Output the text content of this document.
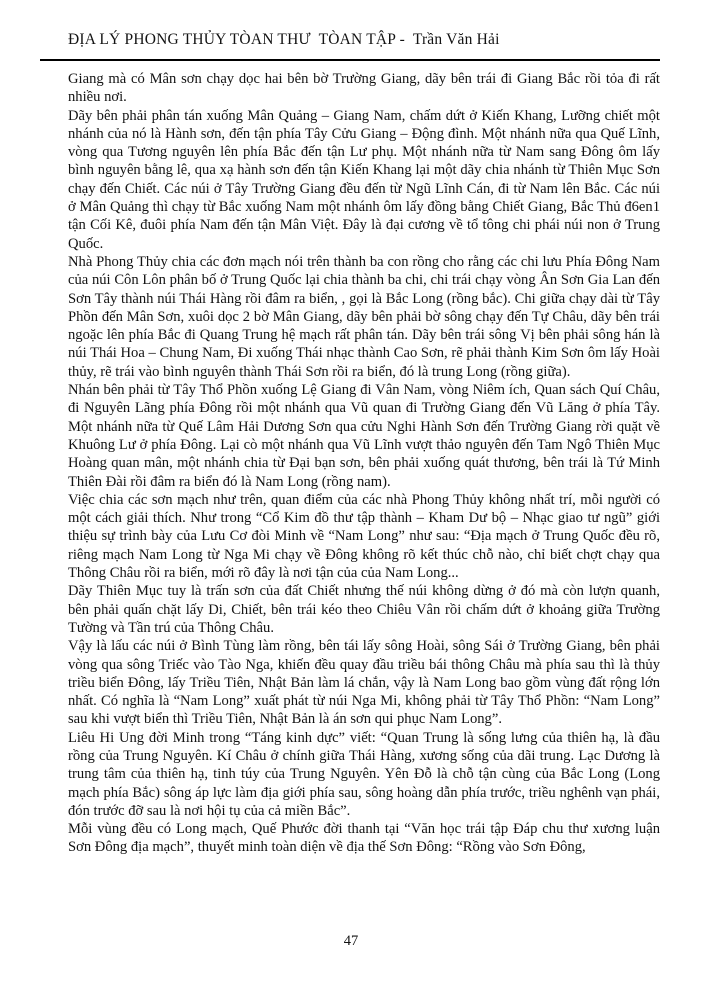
ĐỊA LÝ PHONG THỦY TÒAN THƯ  TÒAN TẬP -  Trần Văn Hải

Giang mà có Mân sơn chạy dọc hai bên bờ Trường Giang, dãy bên trái đi Giang Bắc rồi tỏa đi rất nhiều nơi.

Dãy bên phải phân tán xuống Mân Quảng – Giang Nam, chấm dứt ở Kiến Khang, Lưỡng chiết một nhánh của nó là Hành sơn, đến tận phía Tây Cửu Giang – Động đình. Một nhánh nữa qua Quế Lĩnh, vòng qua Tương nguyên lên phía Bắc đến tận Lư phụ. Một nhánh nữa từ Nam sang Đông ôm lấy bình nguyên bằng lê, qua xạ hành sơn đến tận Kiến Khang lại một dãy chia nhánh từ Thiên Mục Sơn chạy đến Chiết. Các núi ở Tây Trường Giang đều đến từ Ngũ Lĩnh Cán, đi từ Nam lên Bắc. Các núi ở Mân Quảng thì chạy từ Bắc xuống Nam một nhánh ôm lấy đồng bằng Chiết Giang, Bắc Thủ đ6en1 tận Cối Kê, đuôi phía Nam đến tận Mân Việt. Đây là đại cương về tổ tông chi phái núi non ở Trung Quốc.

Nhà Phong Thủy chia các đơn mạch nói trên thành ba con rồng cho rằng các chi lưu Phía Đông Nam của núi Côn Lôn phân bố ở Trung Quốc lại chia thành ba chi, chi trái chạy vòng Ân Sơn Gia Lan đến Sơn Tây thành núi Thái Hàng rồi đâm ra biển, , gọi là Bắc Long (rồng bắc). Chi giữa chạy dài từ Tây Phồn đến Mân Sơn, xuôi dọc 2 bờ Mân Giang, dãy bên phải bờ sông chạy đến Tự Châu, dãy bên trái ngoặc lên phía Bắc đi Quang Trung hệ mạch rất phân tán. Dãy bên trái sông Vị bên phải sông hán là núi Thái Hoa – Chung Nam, Đi xuống Thái nhạc thành Cao Sơn, rẽ phải thành Kim Sơn ôm lấy Hoài thủy, rẽ trái vào bình nguyên thành Thái Sơn rồi ra biển, đó là trung Long (rồng giữa).

Nhán bên phải từ Tây Thổ Phồn xuống Lệ Giang đi Vân Nam, vòng Niêm ích, Quan sách Quí Châu, đi Nguyên Lãng phía Đông rồi một nhánh qua Vũ quan đi Trường Giang đến Vũ Lăng ở phía Tây. Một nhánh nữa từ Quế Lâm Hải Dương Sơn qua cửu Nghi Hành Sơn đến Trường Giang rời quặt về Khuông Lư ở phía Đông. Lại cò một nhánh qua Vũ Lĩnh vượt thảo nguyên đến Tam Ngô Thiên Mục Hoàng quan mân, một nhánh chia từ Đại bạn sơn, bên phải xuống quát thương, bên trái là Tứ Minh Thiên Đài rồi đâm ra biển đó là Nam Long (rồng nam).

Việc chia các sơn mạch như trên, quan điểm của các nhà Phong Thủy không nhất trí, mỗi người có một cách giải thích. Như trong “Cổ Kim đồ thư tập thành – Kham Dư bộ – Nhạc giao tư ngũ” giới thiệu sự trình bày của Lưu Cơ đòi Minh về “Nam Long” như sau: “Địa mạch ở Trung Quốc đều rõ, riêng mạch Nam Long từ Nga Mi chạy về Đông không rõ kết thúc chỗ nào, chỉ biết chợt chạy qua Thông Châu rồi ra biển, mới rõ đây là nơi tận của của Nam Long...

Dãy Thiên Mục tuy là trấn sơn của đất Chiết nhưng thế núi không dừng ở đó mà còn lượn quanh, bên phải quấn chặt lấy Di, Chiết, bên trái kéo theo Chiêu Vân rồi chấm dứt ở khoảng giữa Trường Tường và Tần trú của Thông Châu.

Vậy là lấu các núi ở Bình Tùng làm rồng, bên tái lấy sông Hoài, sông Sái ở Trường Giang, bên phải vòng qua sông Triếc vào Tào Nga, khiến đều quay đầu triều bái thông Châu mà phía sau thì là thủy triều biển Đông, lấy Triều Tiên, Nhật Bản làm lá chắn, vậy là Nam Long bao gồm vùng đất rộng lớn nhất. Có nghĩa là “Nam Long” xuất phát từ núi Nga Mi, không phải từ Tây Thổ Phồn: “Nam Long” sau khi vượt biển thì Triều Tiên, Nhật Bản là án sơn qui phục Nam Long”.

Liêu Hi Ung đời Minh trong “Táng kinh dực” viết: “Quan Trung là sống lưng của thiên hạ, là đầu rồng của Trung Nguyên. Kí Châu ở chính giữa Thái Hàng, xương sống của dãi trung. Lạc Dương là trung tâm của thiên hạ, tinh túy của Trung Nguyên. Yên Đỗ là chỗ tận cùng của Bắc Long (Long mạch phía Bắc) sông áp lực làm địa giới phía sau, sông hoàng dẫn phía trước, triều nghênh vạn phái, đón trước đỡ sau là nơi hội tụ của cả miền Bắc”.

Mỗi vùng đều có Long mạch, Quế Phước đời thanh tại “Văn học trái tập Đáp chu thư xương luận Sơn Đông địa mạch”, thuyết minh toàn diện về địa thế Sơn Đông: “Rồng vào Sơn Đông,

47
